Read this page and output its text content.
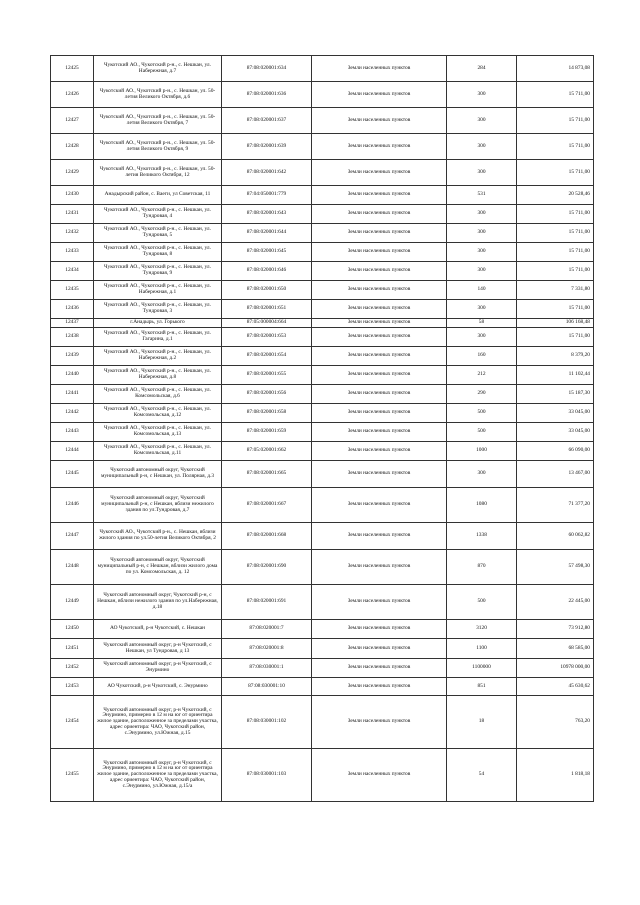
12425	Чукотский АО., Чукотский р-н., с. Нешкан, ул. Набережная, д.7	87:08:020001:634	Земли населенных пунктов	284	14 873,08
12426	Чукотский АО., Чукотский р-н., с. Нешкан, ул. 50-летия Великого Октября, д.6	87:08:020001:636	Земли населенных пунктов	300	15 711,00
12427	Чукотский АО., Чукотский р-н., с. Нешкан, ул. 50-летия Великого Октября, 7	87:08:020001:637	Земли населенных пунктов	300	15 711,00
12428	Чукотский АО., Чукотский р-н., с. Нешкан, ул. 50-летия Великого Октября, 9	87:08:020001:639	Земли населенных пунктов	300	15 711,00
12429	Чукотский АО., Чукотский р-н., с. Нешкан, ул. 50-летия Великого Октября, 12	87:08:020001:642	Земли населенных пунктов	300	15 711,00
12430	Анадырский район, с. Ваеги, ул Советская, 11	87:04:050001:779	Земли населенных пунктов	531	20 528,46
12431	Чукотский АО., Чукотский р-н., с. Нешкан, ул. Тундровая, 4	87:08:020001:643	Земли населенных пунктов	300	15 711,00
12432	Чукотский АО., Чукотский р-н., с. Нешкан, ул. Тундровая, 5	87:08:020001:644	Земли населенных пунктов	300	15 711,00
12433	Чукотский АО., Чукотский р-н., с. Нешкан, ул. Тундровая, 8	87:08:020001:645	Земли населенных пунктов	300	15 711,00
12434	Чукотский АО., Чукотский р-н., с. Нешкан, ул. Тундровая, 9	87:08:020001:646	Земли населенных пунктов	300	15 711,00
12435	Чукотский АО., Чукотский р-н., с. Нешкан, ул. Набережная, д.1	87:08:020001:650	Земли населенных пунктов	140	7 331,80
12436	Чукотский АО., Чукотский р-н., с. Нешкан, ул. Тундровая, 3	87:08:020001:651	Земли населенных пунктов	300	15 711,00
12437	г.Анадырь, ул. Горького	87:05:000004:664	Земли населенных пунктов	58	106 168,48
12438	Чукотский АО., Чукотский р-н., с. Нешкан, ул. Гагарина, д.1	87:08:020001:653	Земли населенных пунктов	300	15 711,00
12439	Чукотский АО., Чукотский р-н., с. Нешкан, ул. Набережная, д.2	87:08:020001:654	Земли населенных пунктов	160	8 379,20
12440	Чукотский АО., Чукотский р-н., с. Нешкан, ул. Набережная, д.8	87:08:020001:655	Земли населенных пунктов	212	11 102,44
12441	Чукотский АО., Чукотский р-н., с. Нешкан, ул. Комсомольская, д.6	87:08:020001:656	Земли населенных пунктов	290	15 187,30
12442	Чукотский АО., Чукотский р-н., с. Нешкан, ул. Комсомольская, д.12	87:08:020001:658	Земли населенных пунктов	500	33 045,00
12443	Чукотский АО., Чукотский р-н., с. Нешкан, ул. Комсомольская, д.13	87:08:020001:659	Земли населенных пунктов	500	33 045,00
12444	Чукотский АО., Чукотский р-н., с. Нешкан, ул. Комсомольская, д.11	87:05:020001:662	Земли населенных пунктов	1000	66 090,00
12445	Чукотский автономный округ, Чукотский муниципальный р-н, с Нешкан, ул. Полярная, д.3	87:08:020001:665	Земли населенных пунктов	300	13 467,00
12446	Чукотский автономный округ, Чукотский муниципальный р-н, с Нешкан, вблизи нежилого здания по ул.Тундровая, д.7	87:08:020001:667	Земли населенных пунктов	1080	71 377,20
12447	Чукотский АО., Чукотский р-н., с. Нешкан, вблизи жилого здания по ул.50-летия Великого Октября, 2	87:08:020001:668	Земли населенных пунктов	1338	60 062,82
12448	Чукотский автономный округ, Чукотский муниципальный р-н, с Нешкан, вблизи жилого дома по ул. Комсомольская, д. 12	87:08:020001:690	Земли населенных пунктов	870	57 498,30
12449	Чукотский автономный округ, Чукотский р-н, с Нешкан, вблизи нежилого здания по ул.Набережная, д.18	87:08:020001:691	Земли населенных пунктов	500	22 445,00
12450	АО Чукотский, р-н Чукотский, с. Нешкан	87:08:020001:7	Земли населенных пунктов	3120	73 912,80
12451	Чукотский автономный округ, р-н Чукотский, с Нешкан, ул Тундровая, д 13	87:08:020001:8	Земли населенных пунктов	1100	68 585,00
12452	Чукотский автономный округ, р-н Чукотский, с Энурмино	87:08:030001:1	Земли населенных пунктов	1100000	10978 000,00
12453	АО Чукотский, р-н Чукотский, с. Энурмино	87:08:030001:10	Земли населенных пунктов	851	45 630,62
12454	Чукотский автономный округ, р-н Чукотский, с Энурмино, примерно в 12 м на юг от ориентира жилое здание, расположенное за пределами участка, адрес ориентира: ЧАО, Чукотский район, с.Энурмино, ул.Южная, д.15	87:08:030001:102	Земли населенных пунктов	18	763,20
12455	Чукотский автономный округ, р-н Чукотский, с Энурмино, примерно в 12 м на юг от ориентира жилое здание, расположенное за пределами участка, адрес ориентира: ЧАО, Чукотский район, с.Энурмино, ул.Южная, д.15/а	87:08:030001:103	Земли населенных пунктов	54	1 818,18
